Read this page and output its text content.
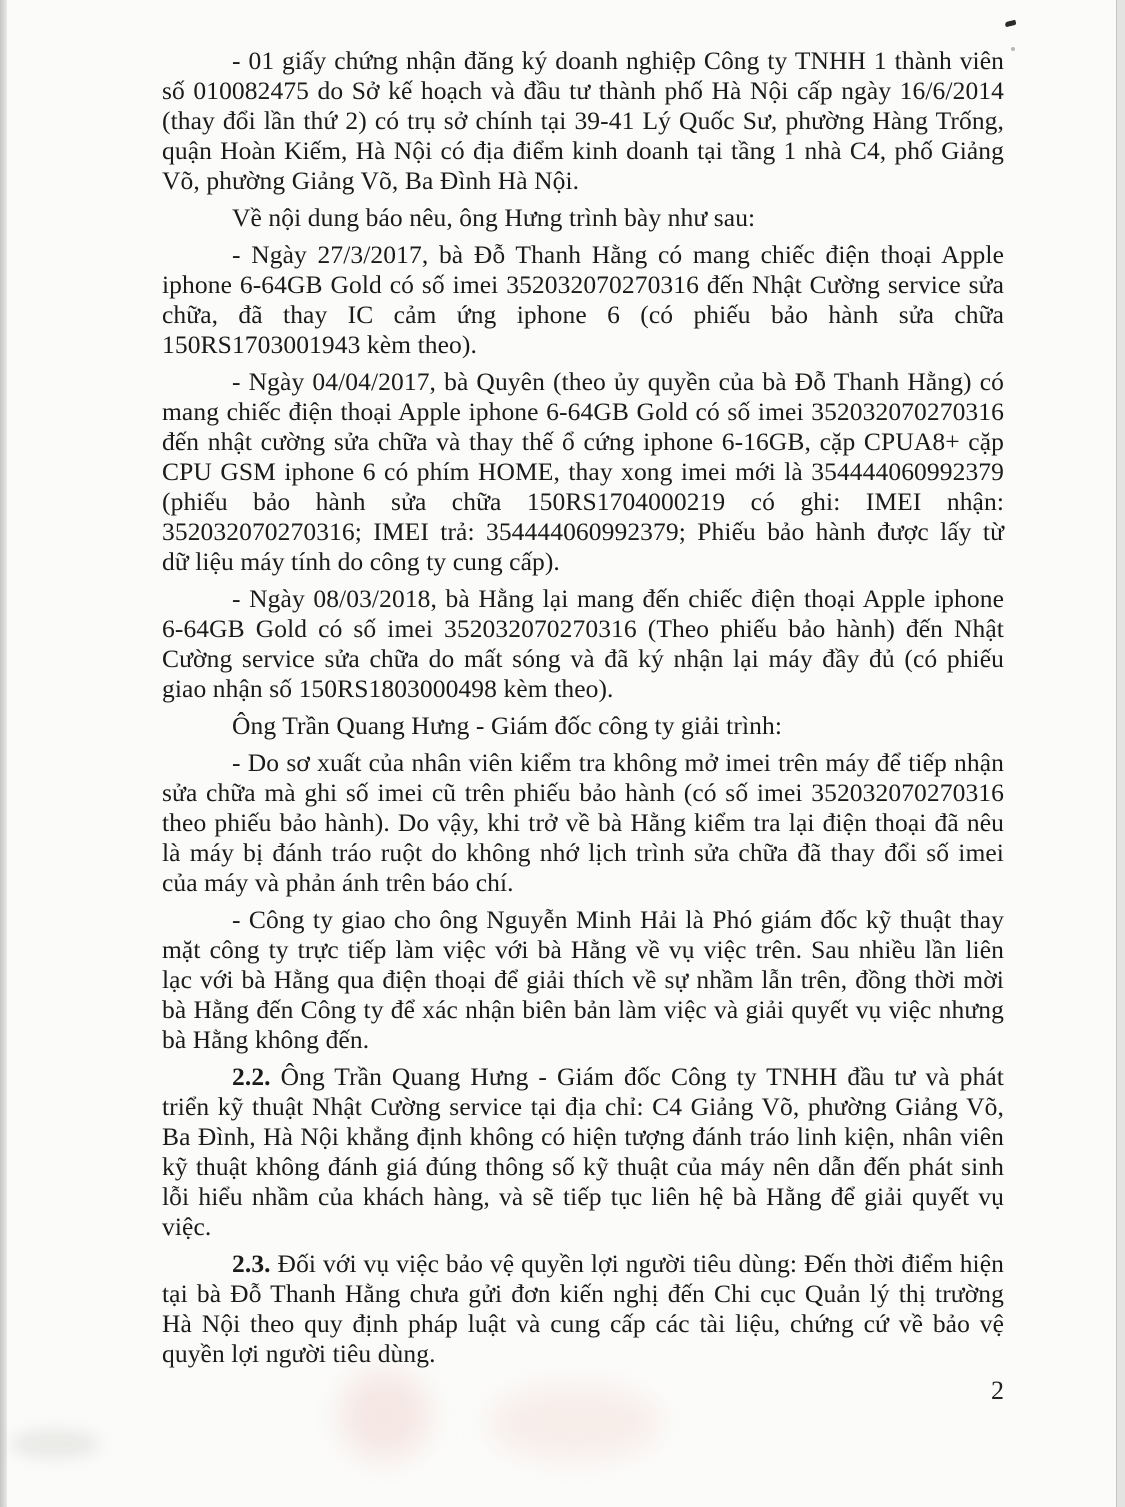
- 01 giấy chứng nhận đăng ký doanh nghiệp Công ty TNHH 1 thành viên
số 010082475 do Sở kế hoạch và đầu tư thành phố Hà Nội cấp ngày 16/6/2014
(thay đổi lần thứ 2) có trụ sở chính tại 39-41 Lý Quốc Sư, phường Hàng Trống,
quận Hoàn Kiếm, Hà Nội có địa điểm kinh doanh tại tầng 1 nhà C4, phố Giảng
Võ, phường Giảng Võ, Ba Đình Hà Nội.
Về nội dung báo nêu, ông Hưng trình bày như sau:
- Ngày 27/3/2017, bà Đỗ Thanh Hằng có mang chiếc điện thoại Apple
iphone 6-64GB Gold có số imei 352032070270316 đến Nhật Cường service sửa
chữa, đã thay IC cảm ứng iphone 6 (có phiếu bảo hành sửa chữa
150RS1703001943 kèm theo).
- Ngày 04/04/2017, bà Quyên (theo ủy quyền của bà Đỗ Thanh Hằng) có
mang chiếc điện thoại Apple iphone 6-64GB Gold có số imei 352032070270316
đến nhật cường sửa chữa và thay thế ổ cứng iphone 6-16GB, cặp CPUA8+ cặp
CPU GSM iphone 6 có phím HOME, thay xong imei mới là 354444060992379
(phiếu bảo hành sửa chữa 150RS1704000219 có ghi: IMEI nhận:
352032070270316; IMEI trả: 354444060992379; Phiếu bảo hành được lấy từ
dữ liệu máy tính do công ty cung cấp).
- Ngày 08/03/2018, bà Hằng lại mang đến chiếc điện thoại Apple iphone
6-64GB Gold có số imei 352032070270316 (Theo phiếu bảo hành) đến Nhật
Cường service sửa chữa do mất sóng và đã ký nhận lại máy đầy đủ (có phiếu
giao nhận số 150RS1803000498 kèm theo).
Ông Trần Quang Hưng - Giám đốc công ty giải trình:
- Do sơ xuất của nhân viên kiểm tra không mở imei trên máy để tiếp nhận
sửa chữa mà ghi số imei cũ trên phiếu bảo hành (có số imei 352032070270316
theo phiếu bảo hành). Do vậy, khi trở về bà Hằng kiểm tra lại điện thoại đã nêu
là máy bị đánh tráo ruột do không nhớ lịch trình sửa chữa đã thay đổi số imei
của máy và phản ánh trên báo chí.
- Công ty giao cho ông Nguyễn Minh Hải là Phó giám đốc kỹ thuật thay
mặt công ty trực tiếp làm việc với bà Hằng về vụ việc trên. Sau nhiều lần liên
lạc với bà Hằng qua điện thoại để giải thích về sự nhầm lẫn trên, đồng thời mời
bà Hằng đến Công ty để xác nhận biên bản làm việc và giải quyết vụ việc nhưng
bà Hằng không đến.
2.2. Ông Trần Quang Hưng - Giám đốc Công ty TNHH đầu tư và phát
triển kỹ thuật Nhật Cường service tại địa chỉ: C4 Giảng Võ, phường Giảng Võ,
Ba Đình, Hà Nội khẳng định không có hiện tượng đánh tráo linh kiện, nhân viên
kỹ thuật không đánh giá đúng thông số kỹ thuật của máy nên dẫn đến phát sinh
lỗi hiểu nhầm của khách hàng, và sẽ tiếp tục liên hệ bà Hằng để giải quyết vụ
việc.
2.3. Đối với vụ việc bảo vệ quyền lợi người tiêu dùng: Đến thời điểm hiện
tại bà Đỗ Thanh Hằng chưa gửi đơn kiến nghị đến Chi cục Quản lý thị trường
Hà Nội theo quy định pháp luật và cung cấp các tài liệu, chứng cứ về bảo vệ
quyền lợi người tiêu dùng.
2
